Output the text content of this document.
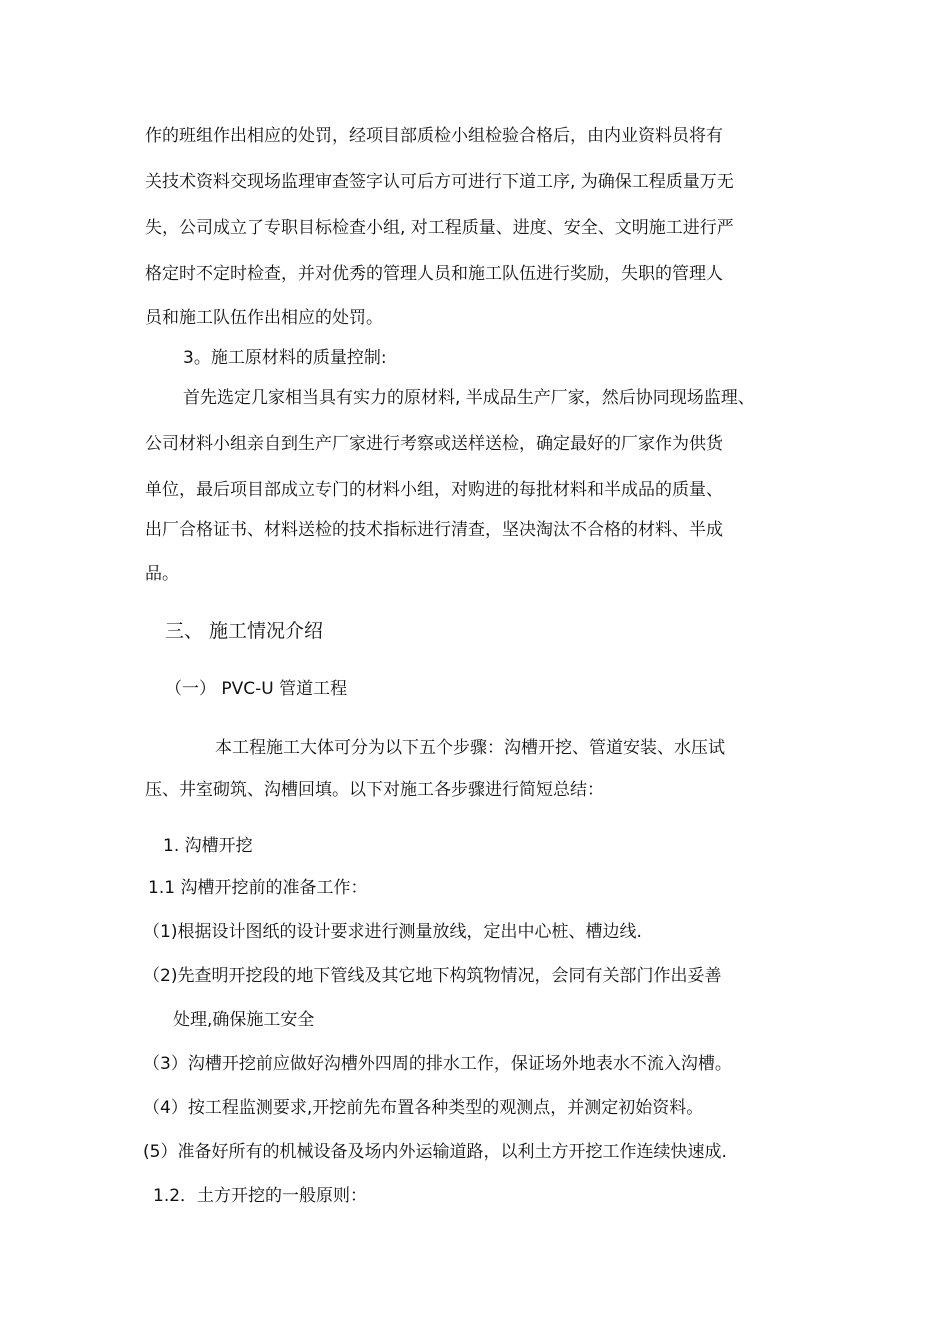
作的班组作出相应的处罚，经项目部质检小组检验合格后，由内业资料员将有
关技术资料交现场监理审查签字认可后方可进行下道工序, 为确保工程质量万无
失，公司成立了专职目标检查小组, 对工程质量、进度、安全、文明施工进行严
格定时不定时检查，并对优秀的管理人员和施工队伍进行奖励，失职的管理人
员和施工队伍作出相应的处罚。
3。施工原材料的质量控制:
首先选定几家相当具有实力的原材料, 半成品生产厂家，然后协同现场监理、
公司材料小组亲自到生产厂家进行考察或送样送检，确定最好的厂家作为供货
单位，最后项目部成立专门的材料小组，对购进的每批材料和半成品的质量、
出厂合格证书、材料送检的技术指标进行清查，坚决淘汰不合格的材料、半成
品。
三、 施工情况介绍
（一） PVC-U 管道工程
本工程施工大体可分为以下五个步骤：沟槽开挖、管道安装、水压试
压、井室砌筑、沟槽回填。以下对施工各步骤进行简短总结：
1. 沟槽开挖
1.1 沟槽开挖前的准备工作：
（1)根据设计图纸的设计要求进行测量放线，定出中心桩、槽边线.
（2)先查明开挖段的地下管线及其它地下构筑物情况，会同有关部门作出妥善
处理,确保施工安全
（3）沟槽开挖前应做好沟槽外四周的排水工作，保证场外地表水不流入沟槽。
（4）按工程监测要求,开挖前先布置各种类型的观测点，并测定初始资料。
(5）准备好所有的机械设备及场内外运输道路，以利土方开挖工作连续快速成.
1.2．土方开挖的一般原则：
